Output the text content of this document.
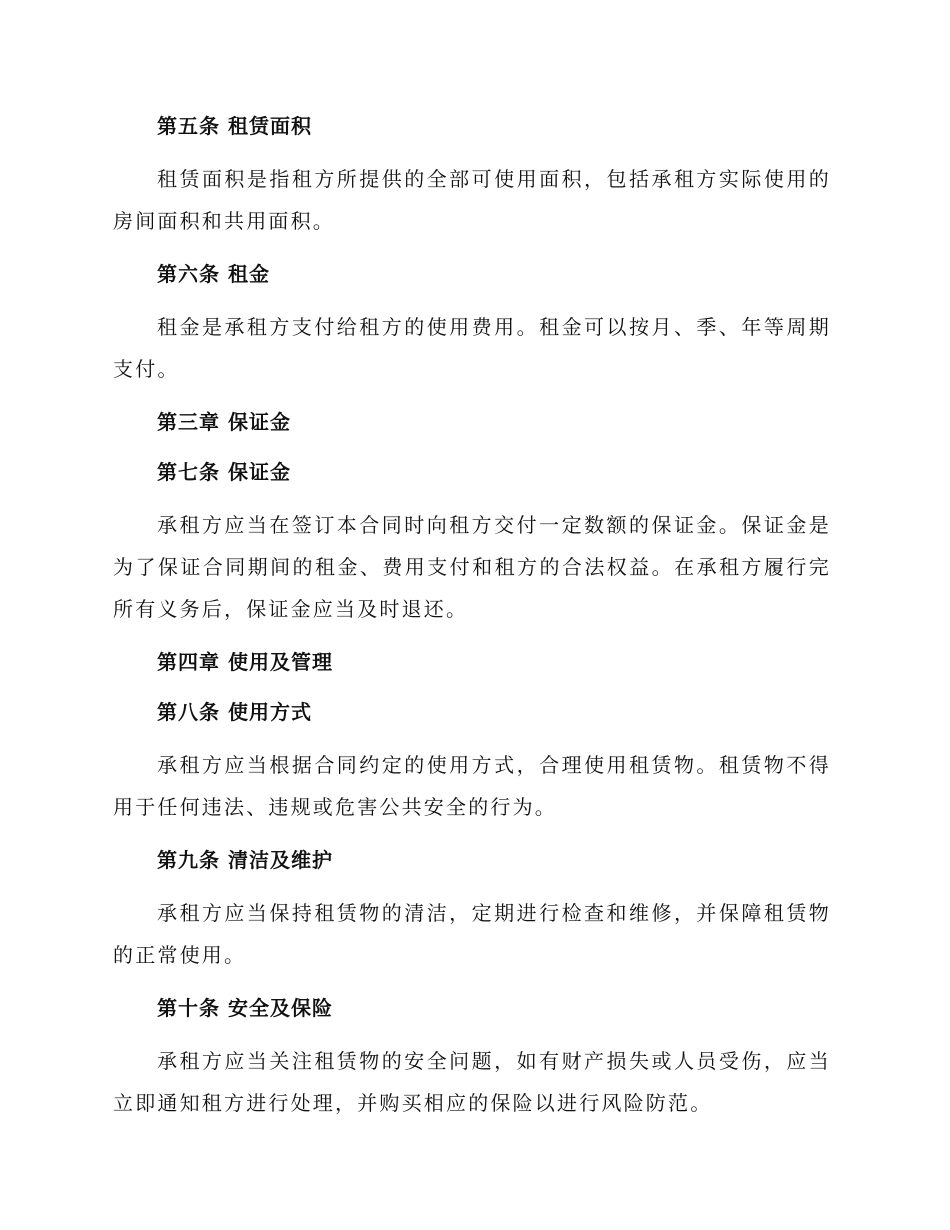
第五条 租赁面积

租赁面积是指租方所提供的全部可使用面积，包括承租方实际使用的房间面积和共用面积。

第六条 租金

租金是承租方支付给租方的使用费用。租金可以按月、季、年等周期支付。

第三章 保证金
第七条 保证金

承租方应当在签订本合同时向租方交付一定数额的保证金。保证金是为了保证合同期间的租金、费用支付和租方的合法权益。在承租方履行完所有义务后，保证金应当及时退还。

第四章 使用及管理
第八条 使用方式

承租方应当根据合同约定的使用方式，合理使用租赁物。租赁物不得用于任何违法、违规或危害公共安全的行为。

第九条 清洁及维护

承租方应当保持租赁物的清洁，定期进行检查和维修，并保障租赁物的正常使用。

第十条 安全及保险

承租方应当关注租赁物的安全问题，如有财产损失或人员受伤，应当立即通知租方进行处理，并购买相应的保险以进行风险防范。
